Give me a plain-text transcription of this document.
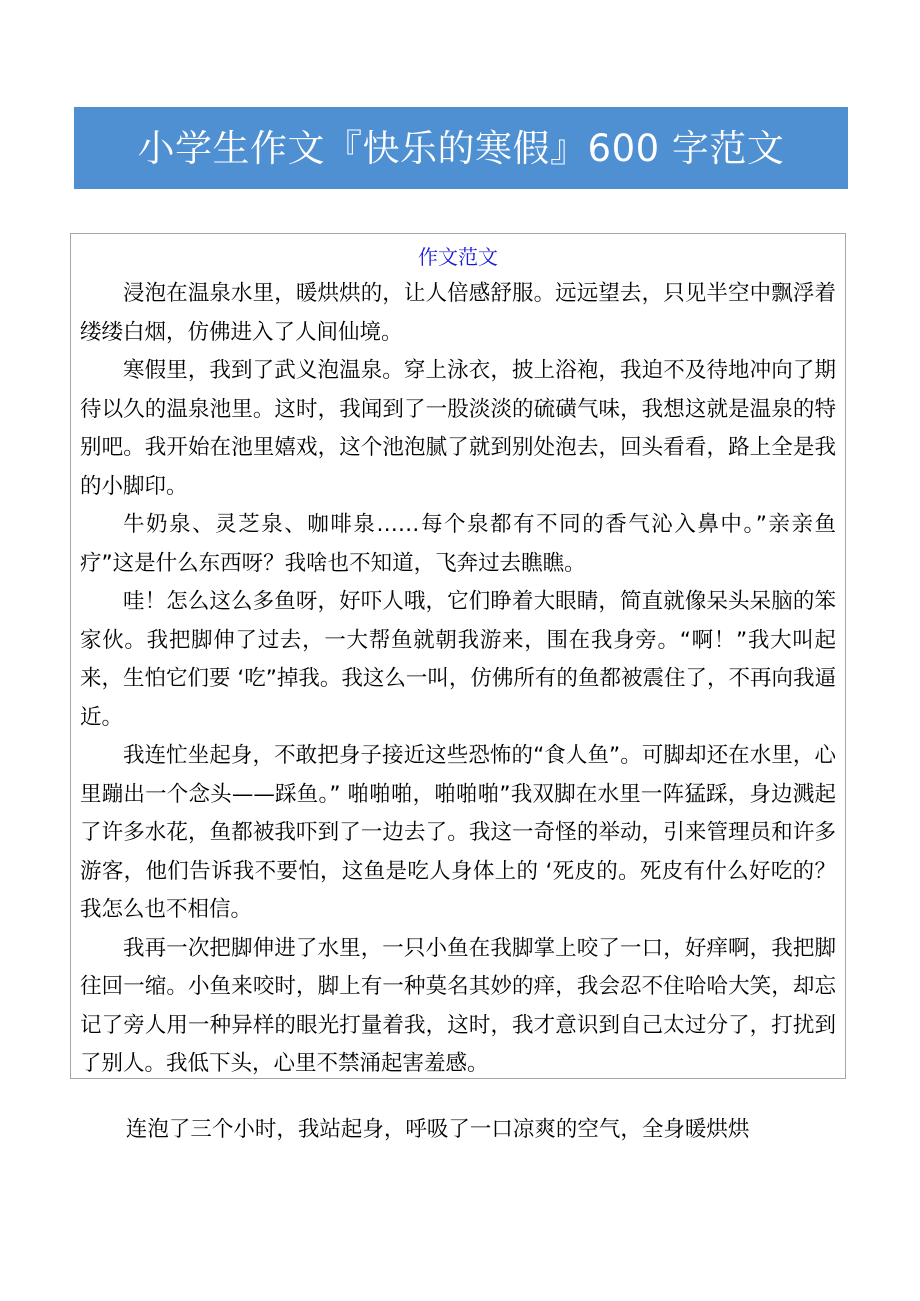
小学生作文『快乐的寒假』600 字范文
作文范文

浸泡在温泉水里，暖烘烘的，让人倍感舒服。远远望去，只见半空中飘浮着缕缕白烟，仿佛进入了人间仙境。

寒假里，我到了武义泡温泉。穿上泳衣，披上浴袍，我迫不及待地冲向了期待以久的温泉池里。这时，我闻到了一股淡淡的硫磺气味，我想这就是温泉的特别吧。我开始在池里嬉戏，这个池泡腻了就到别处泡去，回头看看，路上全是我的小脚印。

牛奶泉、灵芝泉、咖啡泉……每个泉都有不同的香气沁入鼻中。”亲亲鱼疗”这是什么东西呀？我啥也不知道，飞奔过去瞧瞧。

哇！怎么这么多鱼呀，好吓人哦，它们睁着大眼睛，简直就像呆头呆脑的笨家伙。我把脚伸了过去，一大帮鱼就朝我游来，围在我身旁。“啊！”我大叫起来，生怕它们要 ‘吃”掉我。我这么一叫，仿佛所有的鱼都被震住了，不再向我逼近。

我连忙坐起身，不敢把身子接近这些恐怖的“食人鱼”。可脚却还在水里，心里蹦出一个念头——踩鱼。” 啪啪啪，啪啪啪”我双脚在水里一阵猛踩，身边溅起了许多水花，鱼都被我吓到了一边去了。我这一奇怪的举动，引来管理员和许多游客，他们告诉我不要怕，这鱼是吃人身体上的 ‘死皮的。死皮有什么好吃的？我怎么也不相信。

我再一次把脚伸进了水里，一只小鱼在我脚掌上咬了一口，好痒啊，我把脚往回一缩。小鱼来咬时，脚上有一种莫名其妙的痒，我会忍不住哈哈大笑，却忘记了旁人用一种异样的眼光打量着我，这时，我才意识到自己太过分了，打扰到了别人。我低下头，心里不禁涌起害羞感。

连泡了三个小时，我站起身，呼吸了一口凉爽的空气，全身暖烘烘
